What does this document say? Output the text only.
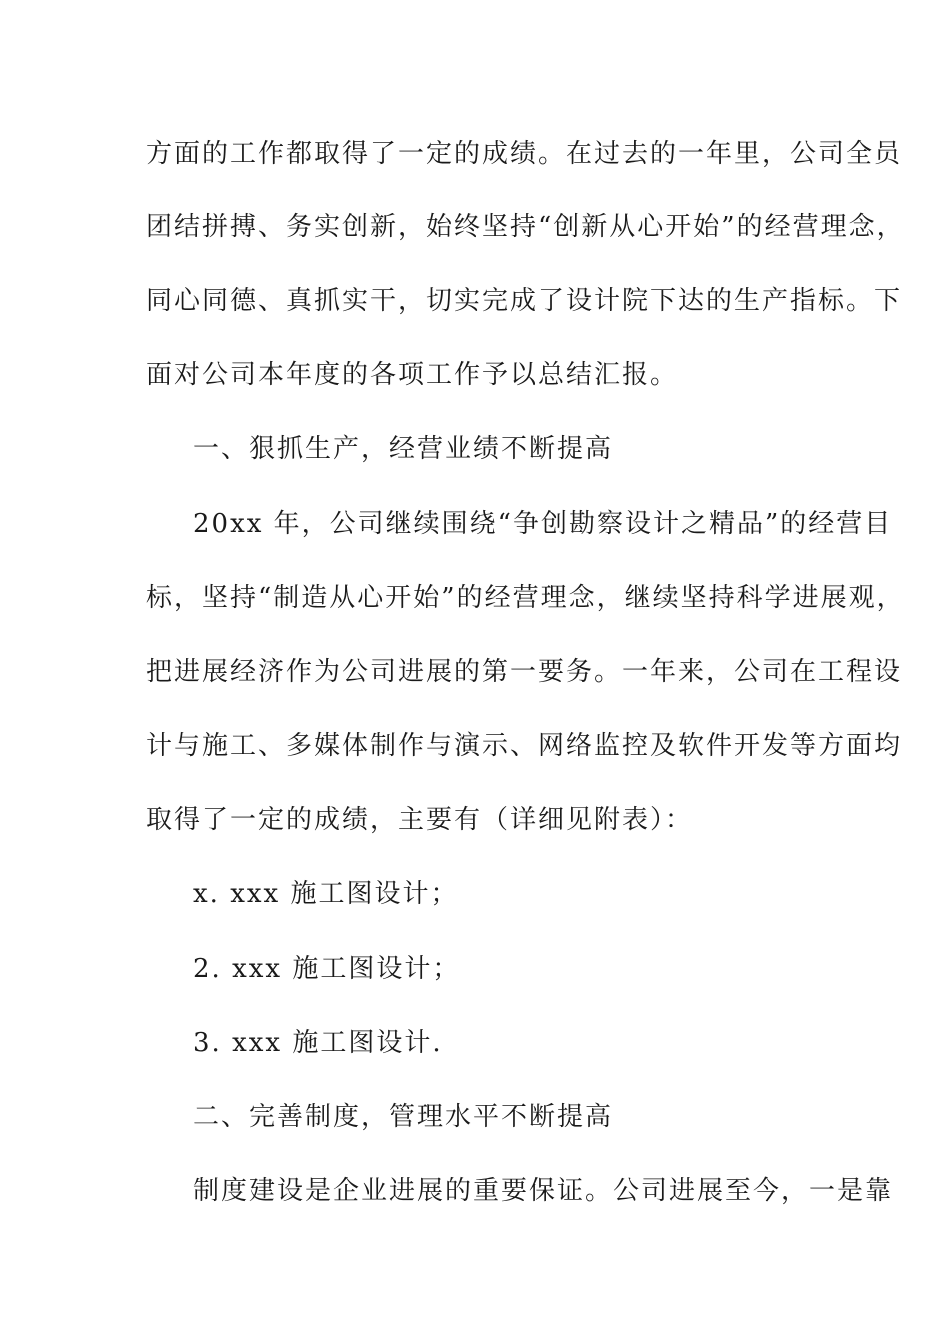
方面的工作都取得了一定的成绩。在过去的一年里，公司全员
团结拼搏、务实创新，始终坚持“创新从心开始”的经营理念，
同心同德、真抓实干，切实完成了设计院下达的生产指标。下
面对公司本年度的各项工作予以总结汇报。
一、狠抓生产，经营业绩不断提高
20xx 年，公司继续围绕“争创勘察设计之精品”的经营目
标，坚持“制造从心开始”的经营理念，继续坚持科学进展观，
把进展经济作为公司进展的第一要务。一年来，公司在工程设
计与施工、多媒体制作与演示、网络监控及软件开发等方面均
取得了一定的成绩，主要有（详细见附表）：
x. xxx 施工图设计；
2. xxx 施工图设计；
3. xxx 施工图设计.
二、完善制度，管理水平不断提高
制度建设是企业进展的重要保证。公司进展至今，一是靠
